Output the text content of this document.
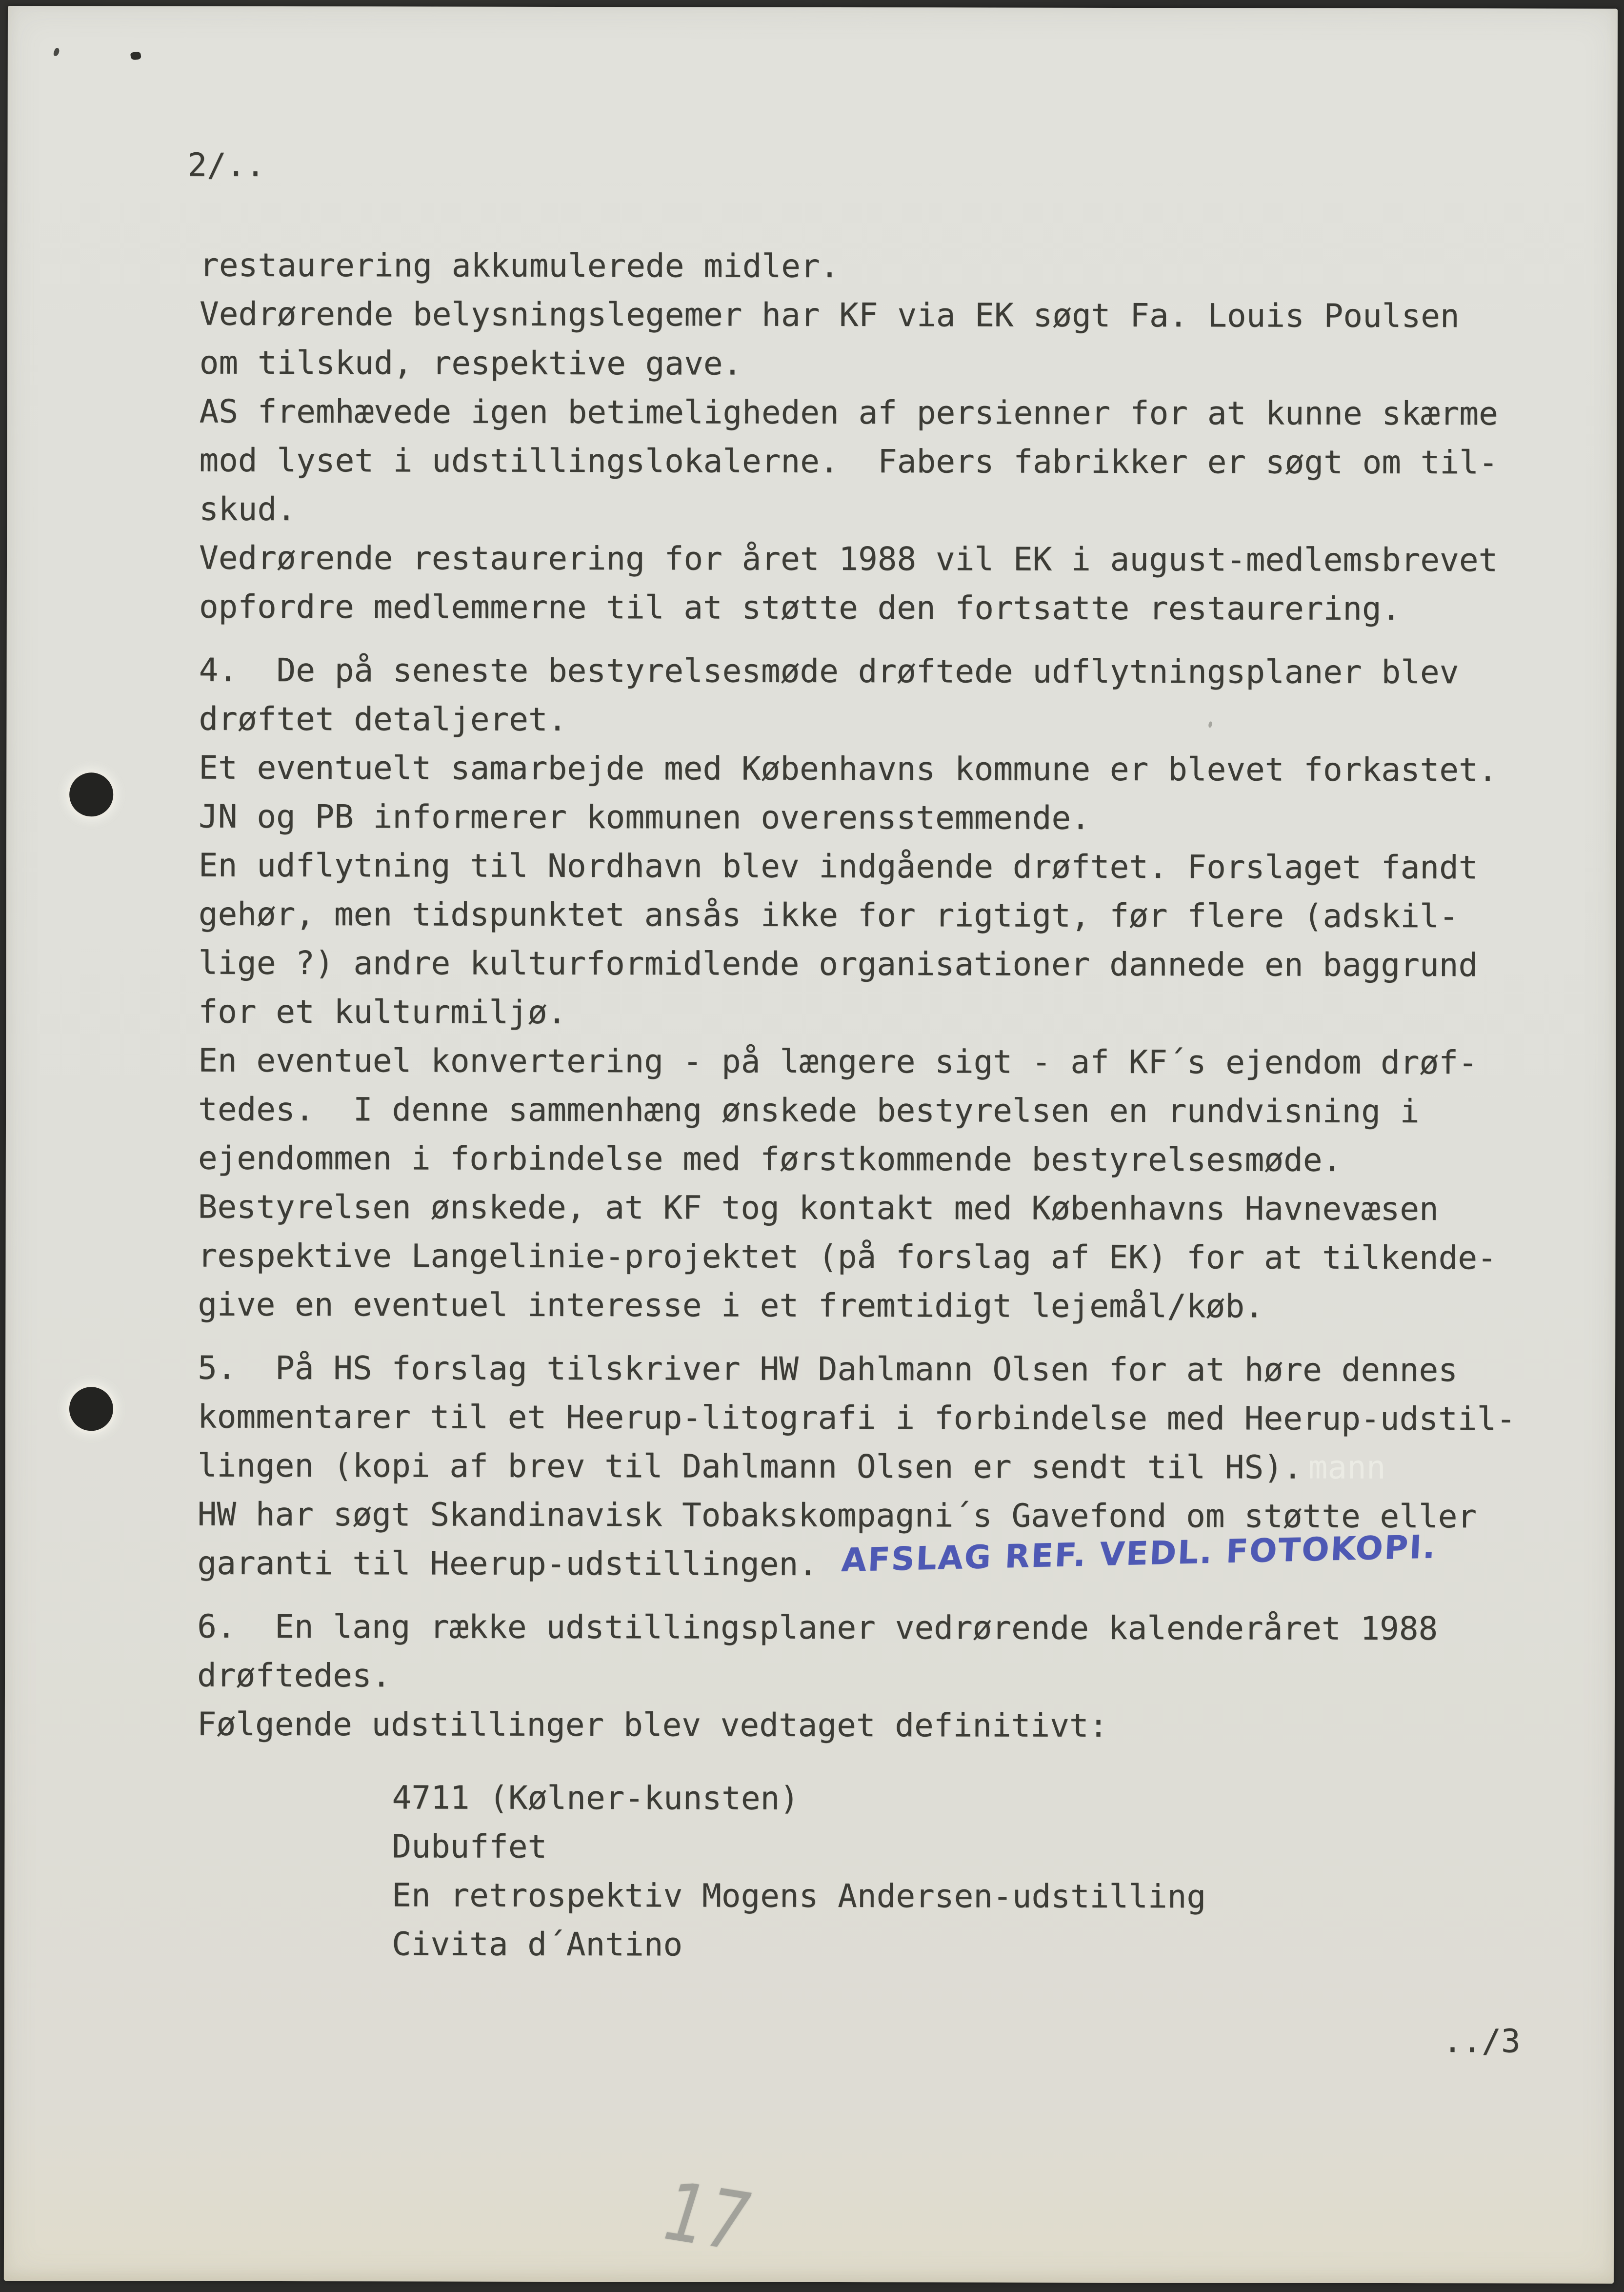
2/..
restaurering akkumulerede midler.
Vedrørende belysningslegemer har KF via EK søgt Fa. Louis Poulsen
om tilskud, respektive gave.
AS fremhævede igen betimeligheden af persienner for at kunne skærme
mod lyset i udstillingslokalerne.  Fabers fabrikker er søgt om til-
skud.
Vedrørende restaurering for året 1988 vil EK i august-medlemsbrevet
opfordre medlemmerne til at støtte den fortsatte restaurering.
4.  De på seneste bestyrelsesmøde drøftede udflytningsplaner blev
drøftet detaljeret.
Et eventuelt samarbejde med Københavns kommune er blevet forkastet.
JN og PB informerer kommunen overensstemmende.
En udflytning til Nordhavn blev indgående drøftet. Forslaget fandt
gehør, men tidspunktet ansås ikke for rigtigt, før flere (adskil-
lige ?) andre kulturformidlende organisationer dannede en baggrund
for et kulturmiljø.
En eventuel konvertering - på længere sigt - af KF´s ejendom drøf-
tedes.  I denne sammenhæng ønskede bestyrelsen en rundvisning i
ejendommen i forbindelse med førstkommende bestyrelsesmøde.
Bestyrelsen ønskede, at KF tog kontakt med Københavns Havnevæsen
respektive Langelinie-projektet (på forslag af EK) for at tilkende-
give en eventuel interesse i et fremtidigt lejemål/køb.
5.  På HS forslag tilskriver HW Dahlmann Olsen for at høre dennes
kommentarer til et Heerup-litografi i forbindelse med Heerup-udstil-
lingen (kopi af brev til Dahlmann Olsen er sendt til HS). mann
HW har søgt Skandinavisk Tobakskompagni´s Gavefond om støtte eller
garanti til Heerup-udstillingen. AFSLAG REF. VEDL. FOTOKOPI.
6.  En lang række udstillingsplaner vedrørende kalenderåret 1988
drøftedes.
Følgende udstillinger blev vedtaget definitivt:
4711 (Kølner-kunsten)
Dubuffet
En retrospektiv Mogens Andersen-udstilling
Civita d´Antino
../3
17
